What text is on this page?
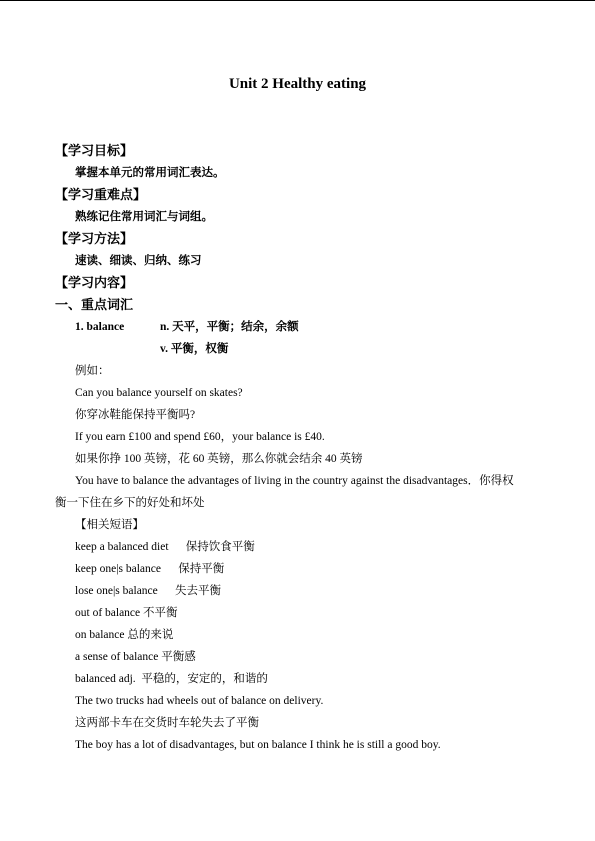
Unit 2 Healthy eating
【学习目标】
掌握本单元的常用词汇表达。
【学习重难点】
熟练记住常用词汇与词组。
【学习方法】
速读、细读、归纳、练习
【学习内容】
一、重点词汇
1. balance	n. 天平，平衡；结余，余额
v. 平衡，权衡
例如：
Can you balance yourself on skates?
你穿冰鞋能保持平衡吗?
If you earn £100 and spend £60，your balance is £40.
如果你挣 100 英镑，花 60 英镑，那么你就会结余 40 英镑
You have to balance the advantages of living in the country against the disadvantages．你得权
衡一下住在乡下的好处和坏处
【相关短语】
keep a balanced diet      保持饮食平衡
keep one|s balance      保持平衡
lose one|s balance      失去平衡
out of balance 不平衡
on balance 总的来说
a sense of balance 平衡感
balanced adj.  平稳的，安定的，和谐的
The two trucks had wheels out of balance on delivery.
这两部卡车在交货时车轮失去了平衡
The boy has a lot of disadvantages, but on balance I think he is still a good boy.
